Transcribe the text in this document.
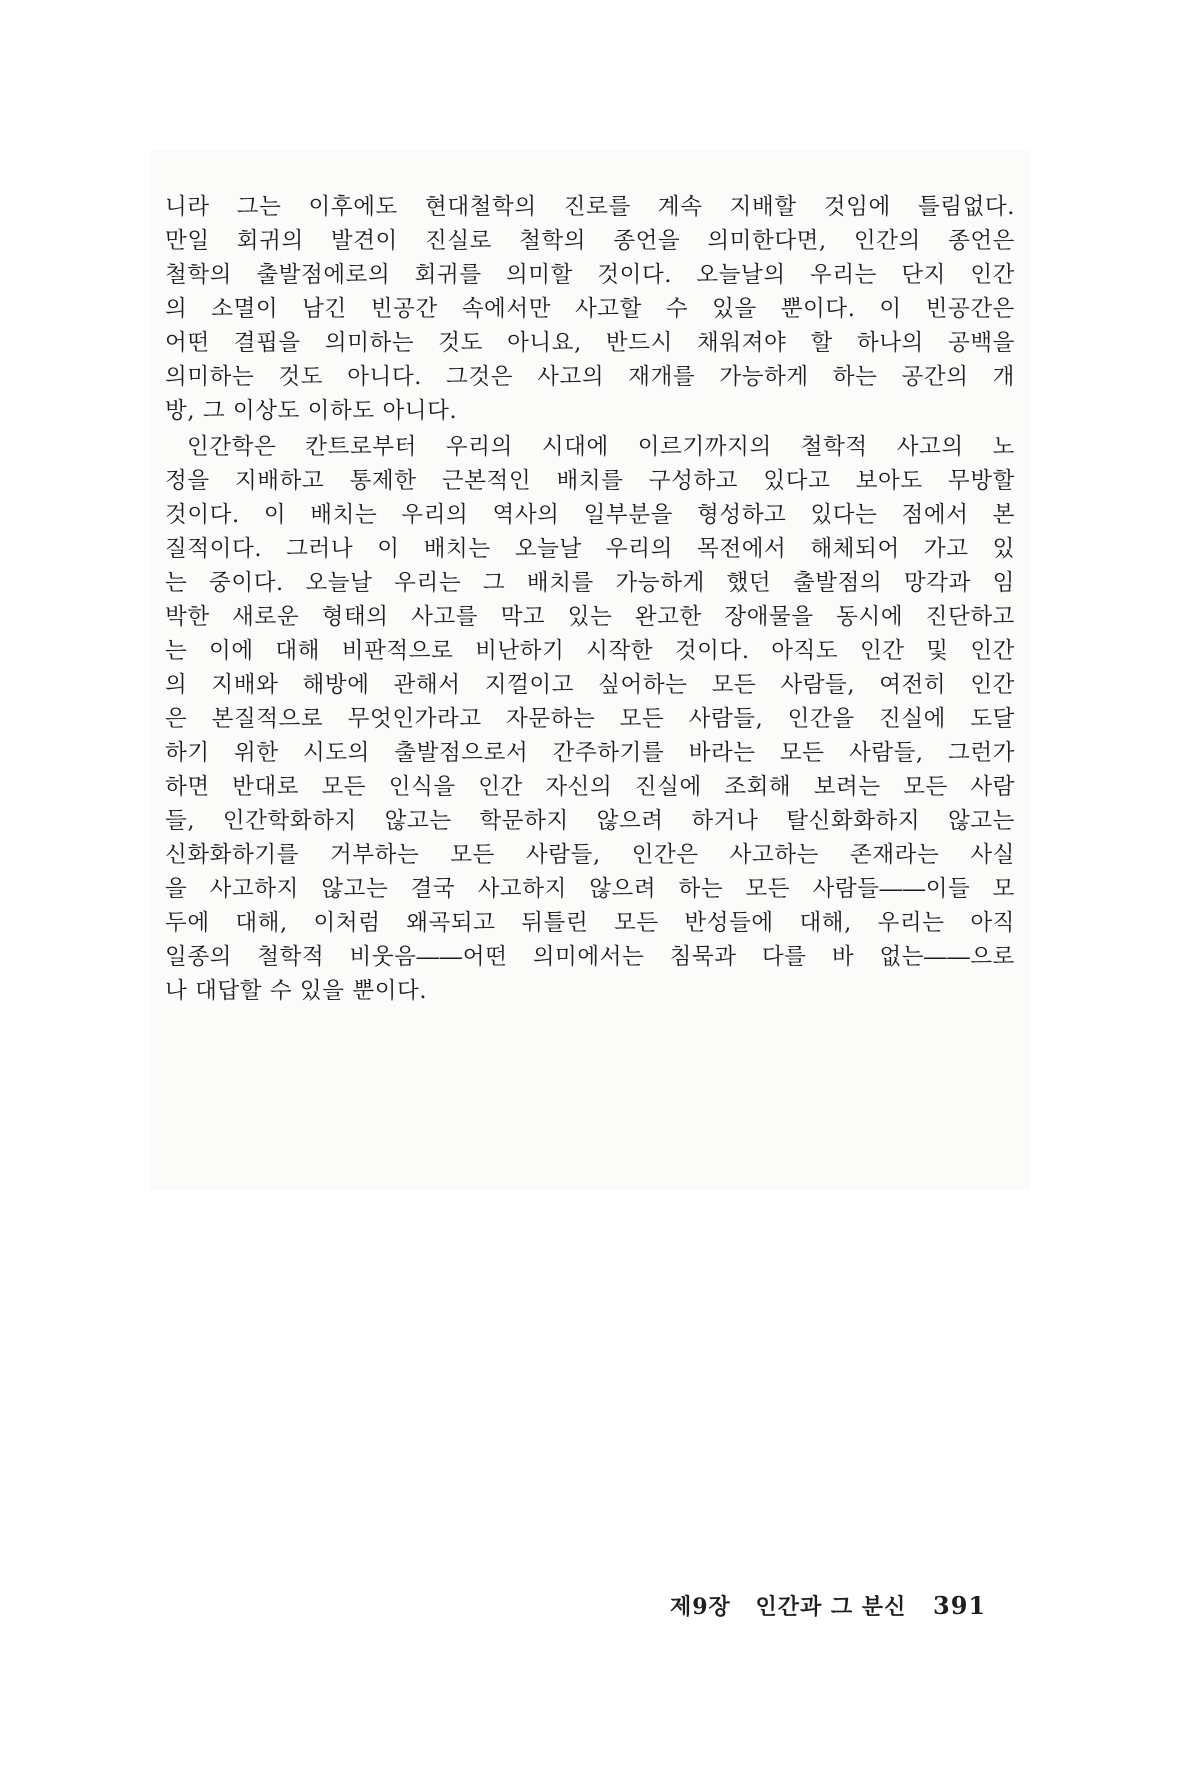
니라 그는 이후에도 현대철학의 진로를 계속 지배할 것임에 틀림없다.
만일 회귀의 발견이 진실로 철학의 종언을 의미한다면, 인간의 종언은
철학의 출발점에로의 회귀를 의미할 것이다. 오늘날의 우리는 단지 인간
의 소멸이 남긴 빈공간 속에서만 사고할 수 있을 뿐이다. 이 빈공간은
어떤 결핍을 의미하는 것도 아니요, 반드시 채워져야 할 하나의 공백을
의미하는 것도 아니다. 그것은 사고의 재개를 가능하게 하는 공간의 개
방, 그 이상도 이하도 아니다.
인간학은 칸트로부터 우리의 시대에 이르기까지의 철학적 사고의 노
정을 지배하고 통제한 근본적인 배치를 구성하고 있다고 보아도 무방할
것이다. 이 배치는 우리의 역사의 일부분을 형성하고 있다는 점에서 본
질적이다. 그러나 이 배치는 오늘날 우리의 목전에서 해체되어 가고 있
는 중이다. 오늘날 우리는 그 배치를 가능하게 했던 출발점의 망각과 임
박한 새로운 형태의 사고를 막고 있는 완고한 장애물을 동시에 진단하고
는 이에 대해 비판적으로 비난하기 시작한 것이다. 아직도 인간 및 인간
의 지배와 해방에 관해서 지껄이고 싶어하는 모든 사람들, 여전히 인간
은 본질적으로 무엇인가라고 자문하는 모든 사람들, 인간을 진실에 도달
하기 위한 시도의 출발점으로서 간주하기를 바라는 모든 사람들, 그런가
하면 반대로 모든 인식을 인간 자신의 진실에 조회해 보려는 모든 사람
들, 인간학화하지 않고는 학문하지 않으려 하거나 탈신화화하지 않고는
신화화하기를 거부하는 모든 사람들, 인간은 사고하는 존재라는 사실
을 사고하지 않고는 결국 사고하지 않으려 하는 모든 사람들――이들 모
두에 대해, 이처럼 왜곡되고 뒤틀린 모든 반성들에 대해, 우리는 아직
일종의 철학적 비웃음――어떤 의미에서는 침묵과 다를 바 없는――으로
나 대답할 수 있을 뿐이다.
제9장 인간과 그 분신 391
